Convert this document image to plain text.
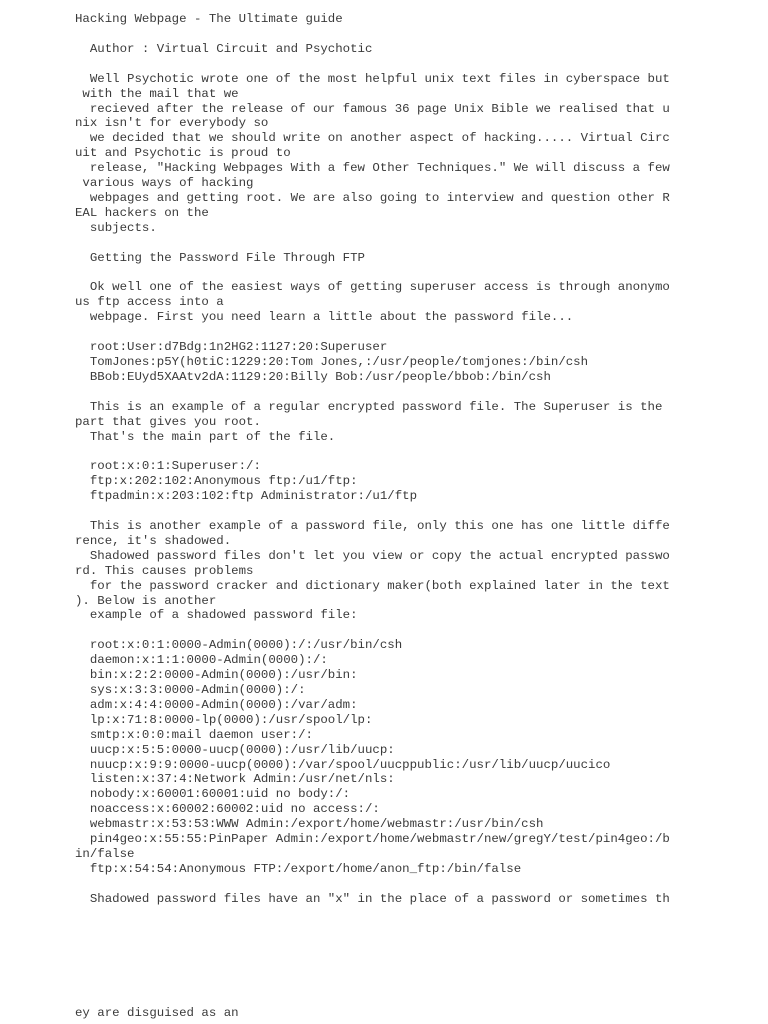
Hacking Webpage - The Ultimate guide

Author : Virtual Circuit and Psychotic

Well Psychotic wrote one of the most helpful unix text files in cyberspace but

with the mail that we

recieved after the release of our famous 36 page Unix Bible we realised that u

nix isn't for everybody so

we decided that we should write on another aspect of hacking..... Virtual Circ

uit and Psychotic is proud to

release, "Hacking Webpages With a few Other Techniques." We will discuss a few

various ways of hacking

webpages and getting root. We are also going to interview and question other R

EAL hackers on the

subjects.

Getting the Password File Through FTP

Ok well one of the easiest ways of getting superuser access is through anonymo

us ftp access into a

webpage. First you need learn a little about the password file...

root:User:d7Bdg:1n2HG2:1127:20:Superuser

TomJones:p5Y(h0tiC:1229:20:Tom Jones,:/usr/people/tomjones:/bin/csh

BBob:EUyd5XAAtv2dA:1129:20:Billy Bob:/usr/people/bbob:/bin/csh

This is an example of a regular encrypted password file. The Superuser is the

part that gives you root.

That's the main part of the file.

root:x:0:1:Superuser:/:

ftp:x:202:102:Anonymous ftp:/u1/ftp:

ftpadmin:x:203:102:ftp Administrator:/u1/ftp

This is another example of a password file, only this one has one little diffe

rence, it's shadowed.

Shadowed password files don't let you view or copy the actual encrypted passwo

rd. This causes problems

for the password cracker and dictionary maker(both explained later in the text

). Below is another

example of a shadowed password file:

root:x:0:1:0000-Admin(0000):/:/usr/bin/csh

daemon:x:1:1:0000-Admin(0000):/:

bin:x:2:2:0000-Admin(0000):/usr/bin:

sys:x:3:3:0000-Admin(0000):/:

adm:x:4:4:0000-Admin(0000):/var/adm:

lp:x:71:8:0000-lp(0000):/usr/spool/lp:

smtp:x:0:0:mail daemon user:/:

uucp:x:5:5:0000-uucp(0000):/usr/lib/uucp:

nuucp:x:9:9:0000-uucp(0000):/var/spool/uucppublic:/usr/lib/uucp/uucico

listen:x:37:4:Network Admin:/usr/net/nls:

nobody:x:60001:60001:uid no body:/:

noaccess:x:60002:60002:uid no access:/:

webmastr:x:53:53:WWW Admin:/export/home/webmastr:/usr/bin/csh

pin4geo:x:55:55:PinPaper Admin:/export/home/webmastr/new/gregY/test/pin4geo:/b

in/false

ftp:x:54:54:Anonymous FTP:/export/home/anon_ftp:/bin/false

Shadowed password files have an "x" in the place of a password or sometimes th

ey are disguised as an
